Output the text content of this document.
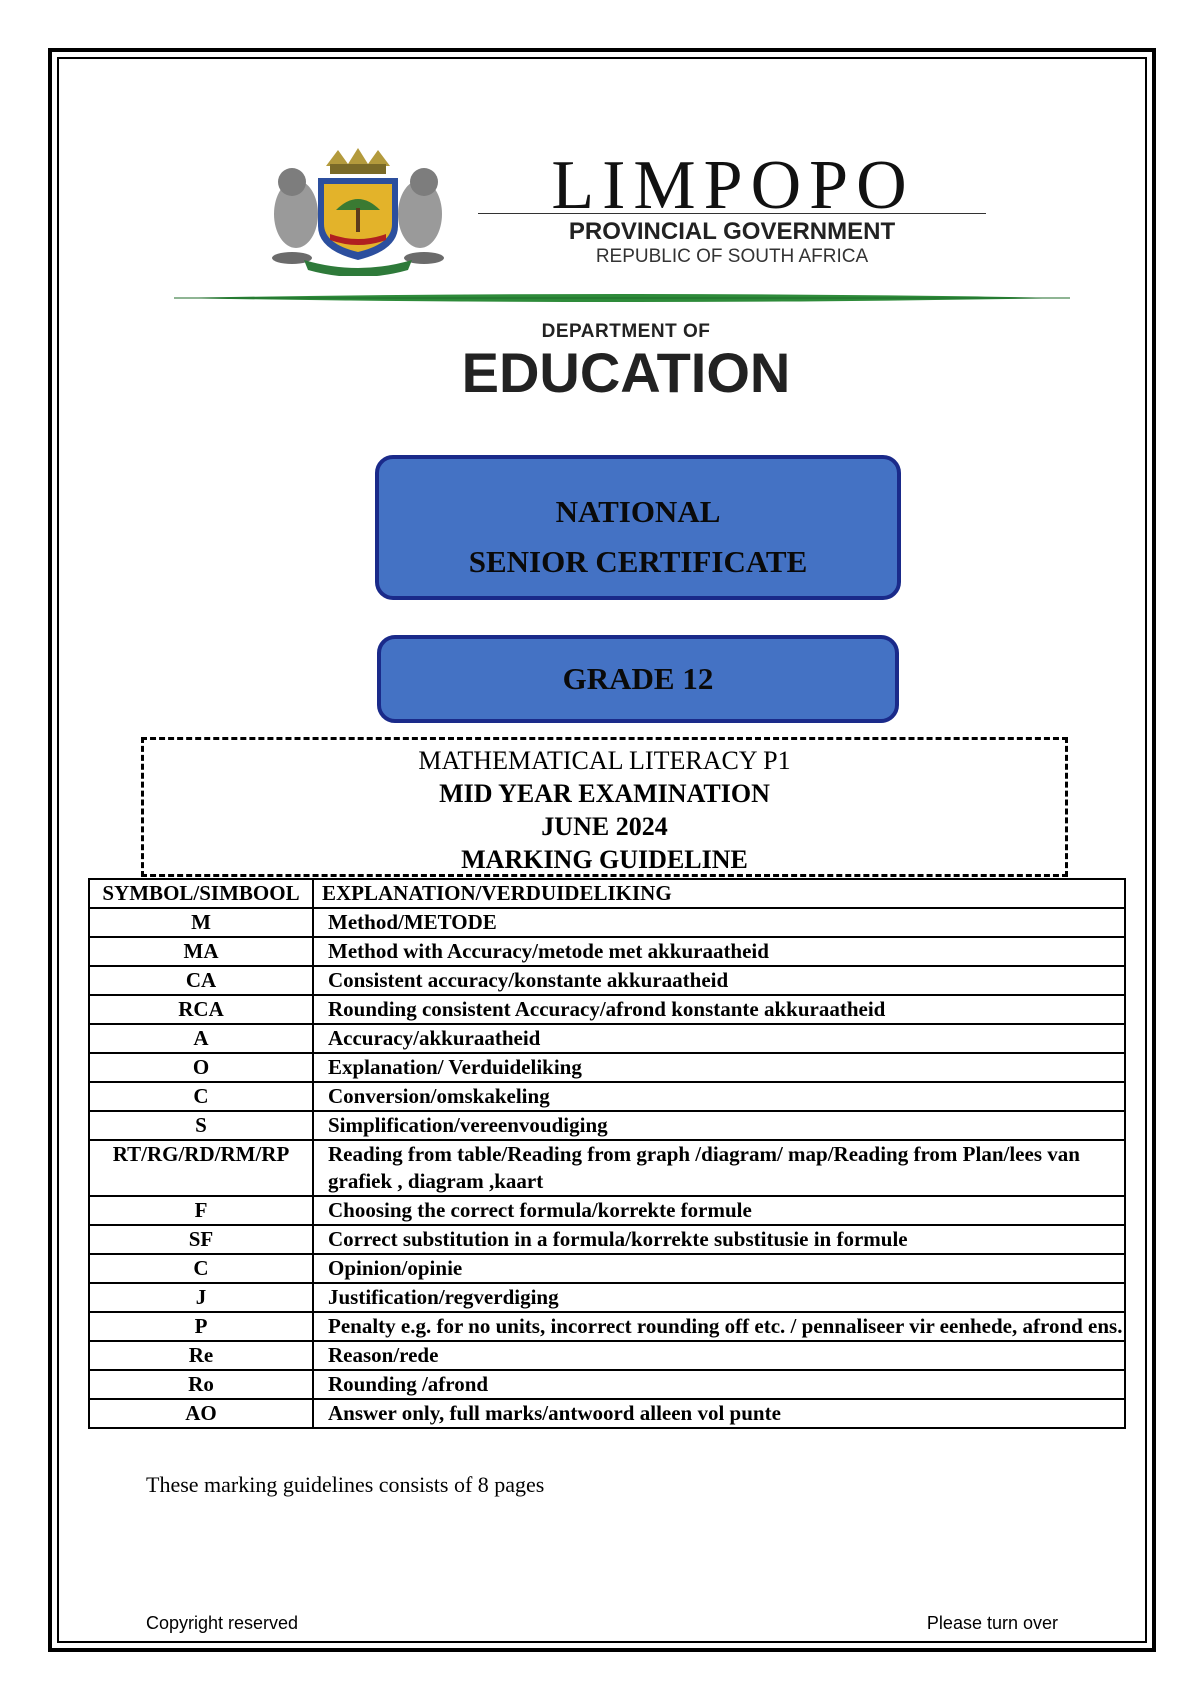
LIMPOPO
PROVINCIAL GOVERNMENT
REPUBLIC OF SOUTH AFRICA
DEPARTMENT OF
EDUCATION
NATIONAL
SENIOR CERTIFICATE
GRADE 12
MATHEMATICAL LITERACY P1
MID YEAR EXAMINATION
JUNE 2024
MARKING GUIDELINE
SYMBOL/SIMBOOL	EXPLANATION/VERDUIDELIKING
M	Method/METODE
MA	Method with Accuracy/metode met akkuraatheid
CA	Consistent accuracy/konstante akkuraatheid
RCA	Rounding consistent Accuracy/afrond konstante akkuraatheid
A	Accuracy/akkuraatheid
O	Explanation/ Verduideliking
C	Conversion/omskakeling
S	Simplification/vereenvoudiging
RT/RG/RD/RM/RP	Reading from table/Reading from graph /diagram/ map/Reading from Plan/lees van grafiek , diagram ,kaart
F	Choosing the correct formula/korrekte formule
SF	Correct substitution in a formula/korrekte substitusie in formule
C	Opinion/opinie
J	Justification/regverdiging
P	Penalty e.g. for no units, incorrect rounding off etc. / pennaliseer vir eenhede, afrond ens.
Re	Reason/rede
Ro	Rounding /afrond
AO	Answer only, full marks/antwoord alleen vol punte
These marking guidelines consists of 8 pages
Copyright reserved	Please turn over
